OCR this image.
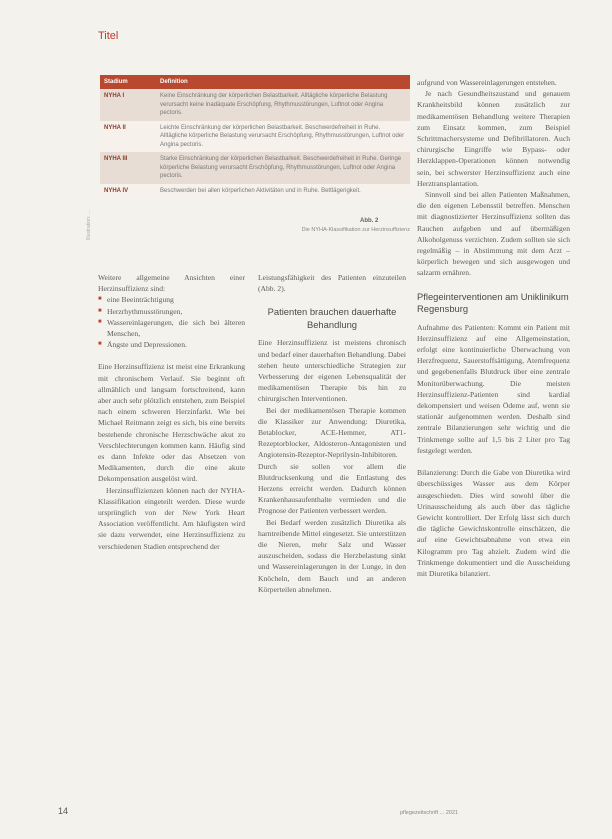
Titel
Illustration: ...
Stadium	Definition
NYHA I	Keine Einschränkung der körperlichen Belastbarkeit. Alltägliche körperliche Belastung verursacht keine inadäquate Erschöpfung, Rhythmusstörungen, Luftnot oder Angina pectoris.
NYHA II	Leichte Einschränkung der körperlichen Belastbarkeit. Beschwerdefreiheit in Ruhe. Alltägliche körperliche Belastung verursacht Erschöpfung, Rhythmusstörungen, Luftnot oder Angina pectoris.
NYHA III	Starke Einschränkung der körperlichen Belastbarkeit. Beschwerdefreiheit in Ruhe. Geringe körperliche Belastung verursacht Erschöpfung, Rhythmusstörungen, Luftnot oder Angina pectoris.
NYHA IV	Beschwerden bei allen körperlichen Aktivitäten und in Ruhe. Bettlägerigkeit.
Abb. 2
Die NYHA-Klassifikation zur Herzinsuffizienz

Weitere allgemeine Ansichten einer Herzinsuffizienz sind:

■ eine Beeinträchtigung
■ Herzrhythmusstörungen,
■ Wassereinlagerungen, die sich bei älteren Menschen,
■ Ängste und Depressionen.

Eine Herzinsuffizienz ist meist eine Erkrankung mit chronischem Verlauf. Sie beginnt oft allmählich und langsam fortschreitend, kann aber auch sehr plötzlich entstehen, zum Beispiel nach einem schweren Herzinfarkt. Wie bei Michael Reitmann zeigt es sich, bis eine bereits bestehende chronische Herzschwäche akut zu Verschlechterungen kommen kann. Häufig sind es dann Infekte oder das Absetzen von Medikamenten, durch die eine akute Dekompensation ausgelöst wird.

Herzinsuffizienzen können nach der NYHA-Klassifikation eingeteilt werden. Diese wurde ursprünglich von der New York Heart Association veröffentlicht. Am häufigsten wird sie dazu verwendet, eine Herzinsuffizienz zu verschiedenen Stadien entsprechend der

Leistungsfähigkeit des Patienten einzuteilen (Abb. 2).

Patienten brauchen dauerhafte Behandlung

Eine Herzinsuffizienz ist meistens chronisch und bedarf einer dauerhaften Behandlung. Dabei stehen heute unterschiedliche Strategien zur Verbesserung der eigenen Lebensqualität der medikamentösen Therapie bis hin zu chirurgischen Interventionen.

Bei der medikamentösen Therapie kommen die Klassiker zur Anwendung: Diuretika, Betablocker, ACE-Hemmer, AT1-Rezeptorblocker, Aldosteron-Antagonisten und Angiotensin-Rezeptor-Neprilysin-Inhibitoren. Durch sie sollen vor allem die Blutdrucksenkung und die Entlastung des Herzens erreicht werden. Dadurch können Krankenhausaufenthalte vermieden und die Prognose der Patienten verbessert werden.

Bei Bedarf werden zusätzlich Diuretika als harntreibende Mittel eingesetzt. Sie unterstützen die Nieren, mehr Salz und Wasser auszuscheiden, sodass die Herzbelastung sinkt und Wassereinlagerungen in der Lunge, in den Knöcheln, dem Bauch und an anderen Körperteilen abnehmen.

aufgrund von Wassereinlagerungen entstehen.

Je nach Gesundheitszustand und genauem Krankheitsbild können zusätzlich zur medikamentösen Behandlung weitere Therapien zum Einsatz kommen, zum Beispiel Schrittmachersysteme und Defibrillatoren. Auch chirurgische Eingriffe wie Bypass- oder Herzklappen-Operationen können notwendig sein, bei schwerster Herzinsuffizienz auch eine Herztransplantation.

Sinnvoll sind bei allen Patienten Maßnahmen, die den eigenen Lebensstil betreffen. Menschen mit diagnostizierter Herzinsuffizienz sollten das Rauchen aufgeben und auf übermäßigen Alkoholgenuss verzichten. Zudem sollten sie sich regelmäßig – in Abstimmung mit dem Arzt – körperlich bewegen und sich ausgewogen und salzarm ernähren.

Pflegeinterventionen am Uniklinikum Regensburg

Aufnahme des Patienten: Kommt ein Patient mit Herzinsuffizienz auf eine Allgemeinstation, erfolgt eine kontinuierliche Überwachung von Herzfrequenz, Sauerstoffsättigung, Atemfrequenz und gegebenenfalls Blutdruck über eine zentrale Monitorüberwachung. Die meisten Herzinsuffizienz-Patienten sind kardial dekompensiert und weisen Ödeme auf, wenn sie stationär aufgenommen werden. Deshalb sind zentrale Bilanzierungen sehr wichtig und die Trinkmenge sollte auf 1,5 bis 2 Liter pro Tag festgelegt werden.

Bilanzierung: Durch die Gabe von Diuretika wird überschüssiges Wasser aus dem Körper ausgeschieden. Dies wird sowohl über die Urinausscheidung als auch über das tägliche Gewicht kontrolliert. Der Erfolg lässt sich durch die tägliche Gewichtskontrolle einschätzen, die auf eine Gewichtsabnahme von etwa ein Kilogramm pro Tag abzielt. Zudem wird die Trinkmenge dokumentiert und die Ausscheidung mit Diuretika bilanziert.

14	pflegezeitschrift ... 2021
